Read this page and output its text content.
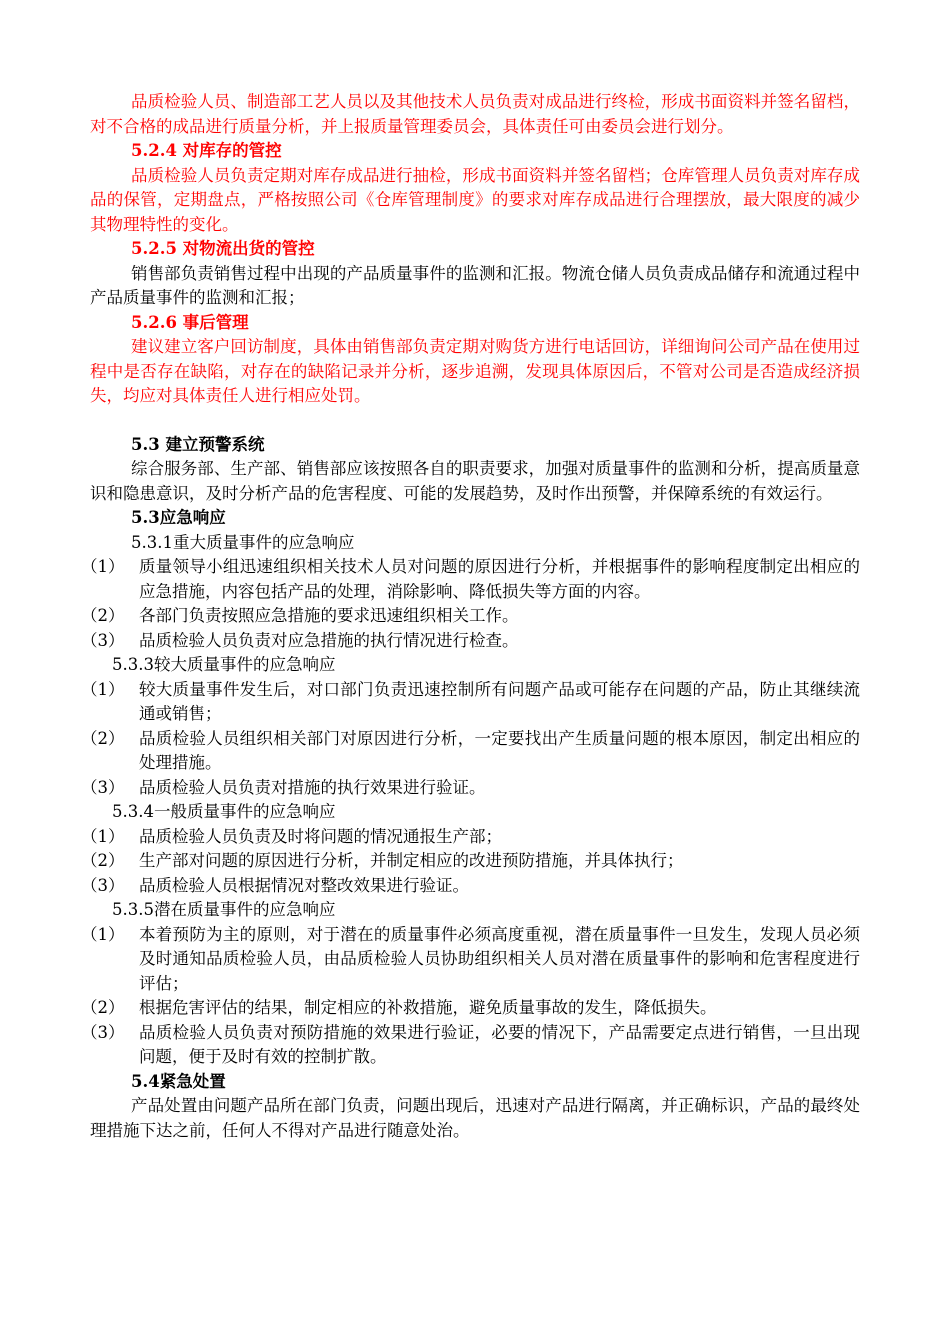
品质检验人员、制造部工艺人员以及其他技术人员负责对成品进行终检，形成书面资料并签名留档，对不合格的成品进行质量分析，并上报质量管理委员会，具体责任可由委员会进行划分。

5.2.4 对库存的管控

品质检验人员负责定期对库存成品进行抽检，形成书面资料并签名留档；仓库管理人员负责对库存成品的保管，定期盘点，严格按照公司《仓库管理制度》的要求对库存成品进行合理摆放，最大限度的减少其物理特性的变化。

5.2.5 对物流出货的管控

销售部负责销售过程中出现的产品质量事件的监测和汇报。物流仓储人员负责成品储存和流通过程中产品质量事件的监测和汇报；

5.2.6 事后管理

建议建立客户回访制度，具体由销售部负责定期对购货方进行电话回访，详细询问公司产品在使用过程中是否存在缺陷，对存在的缺陷记录并分析，逐步追溯，发现具体原因后，不管对公司是否造成经济损失，均应对具体责任人进行相应处罚。

5.3 建立预警系统

综合服务部、生产部、销售部应该按照各自的职责要求，加强对质量事件的监测和分析，提高质量意识和隐患意识，及时分析产品的危害程度、可能的发展趋势，及时作出预警，并保障系统的有效运行。

5.3应急响应

5.3.1重大质量事件的应急响应

（1） 质量领导小组迅速组织相关技术人员对问题的原因进行分析，并根据事件的影响程度制定出相应的应急措施，内容包括产品的处理，消除影响、降低损失等方面的内容。
（2） 各部门负责按照应急措施的要求迅速组织相关工作。
（3） 品质检验人员负责对应急措施的执行情况进行检查。

5.3.3较大质量事件的应急响应

（1） 较大质量事件发生后，对口部门负责迅速控制所有问题产品或可能存在问题的产品，防止其继续流通或销售；
（2） 品质检验人员组织相关部门对原因进行分析，一定要找出产生质量问题的根本原因，制定出相应的处理措施。
（3） 品质检验人员负责对措施的执行效果进行验证。

5.3.4一般质量事件的应急响应

（1） 品质检验人员负责及时将问题的情况通报生产部；
（2） 生产部对问题的原因进行分析，并制定相应的改进预防措施，并具体执行；
（3） 品质检验人员根据情况对整改效果进行验证。

5.3.5潜在质量事件的应急响应

（1） 本着预防为主的原则，对于潜在的质量事件必须高度重视，潜在质量事件一旦发生，发现人员必须及时通知品质检验人员，由品质检验人员协助组织相关人员对潜在质量事件的影响和危害程度进行评估；
（2） 根据危害评估的结果，制定相应的补救措施，避免质量事故的发生，降低损失。
（3） 品质检验人员负责对预防措施的效果进行验证，必要的情况下，产品需要定点进行销售，一旦出现问题，便于及时有效的控制扩散。

5.4紧急处置

产品处置由问题产品所在部门负责，问题出现后，迅速对产品进行隔离，并正确标识，产品的最终处理措施下达之前，任何人不得对产品进行随意处治。
